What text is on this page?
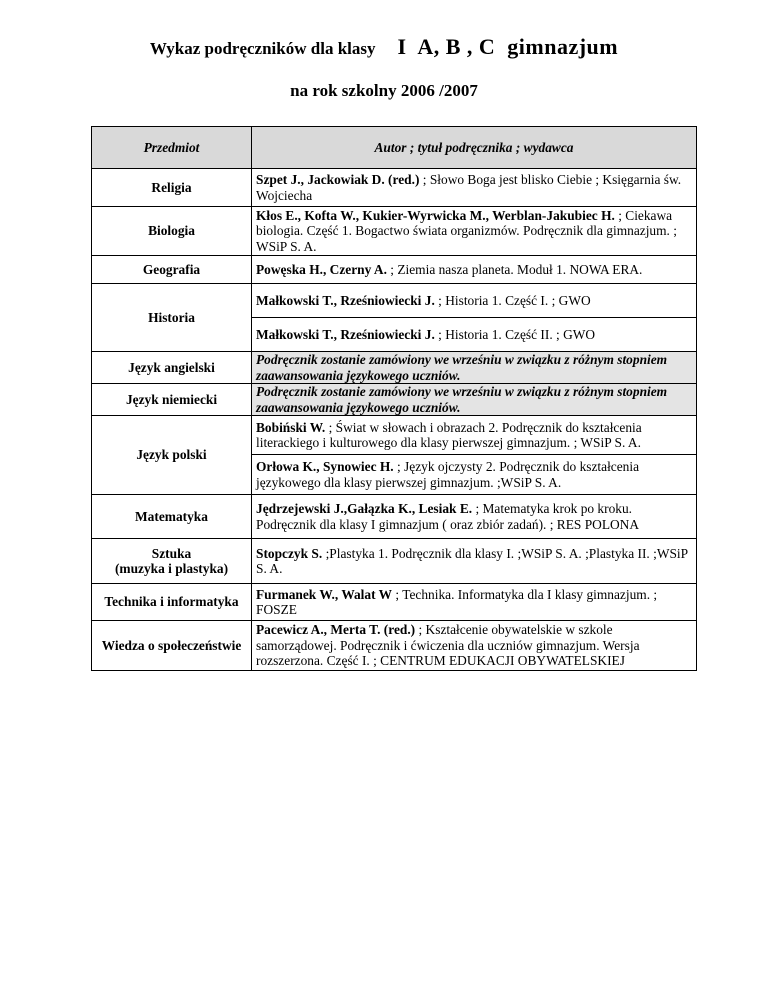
Wykaz podręczników dla klasy I  A, B , C  gimnazjum
na rok szkolny 2006 /2007
Przedmiot	Autor ; tytuł podręcznika ; wydawca
Religia	Szpet J., Jackowiak D. (red.) ; Słowo Boga jest blisko Ciebie ; Księgarnia św. Wojciecha
Biologia	Kłos E., Kofta W., Kukier-Wyrwicka M., Werblan-Jakubiec H. ; Ciekawa biologia. Część 1. Bogactwo świata organizmów. Podręcznik dla gimnazjum. ; WSiP S. A.
Geografia	Powęska H., Czerny A. ; Ziemia nasza planeta. Moduł 1. NOWA ERA.
Historia	Małkowski T., Rześniowiecki J. ; Historia 1. Część I. ; GWO
	Małkowski T., Rześniowiecki J. ; Historia 1. Część II. ; GWO
Język angielski	Podręcznik zostanie zamówiony we wrześniu w związku z różnym stopniem zaawansowania językowego uczniów.
Język niemiecki	Podręcznik zostanie zamówiony we wrześniu w związku z różnym stopniem zaawansowania językowego uczniów.
Język polski	Bobiński W. ; Świat w słowach i obrazach 2. Podręcznik do kształcenia literackiego i kulturowego dla klasy pierwszej gimnazjum. ; WSiP S. A.
	Orłowa K., Synowiec H. ; Język ojczysty 2. Podręcznik do kształcenia językowego dla klasy pierwszej gimnazjum. ;WSiP S. A.
Matematyka	Jędrzejewski J.,Gałązka K., Lesiak E. ; Matematyka krok po kroku. Podręcznik dla klasy I gimnazjum ( oraz zbiór zadań). ; RES POLONA
Sztuka
(muzyka i plastyka)	Stopczyk S. ;Plastyka 1. Podręcznik dla klasy I. ;WSiP S. A. ;Plastyka II. ;WSiP S. A.
Technika i informatyka	Furmanek W., Walat W ; Technika. Informatyka dla I klasy gimnazjum. ; FOSZE
Wiedza o społeczeństwie	Pacewicz A., Merta T. (red.) ; Kształcenie obywatelskie w szkole samorządowej. Podręcznik i ćwiczenia dla uczniów gimnazjum. Wersja rozszerzona. Część I. ; CENTRUM EDUKACJI OBYWATELSKIEJ
